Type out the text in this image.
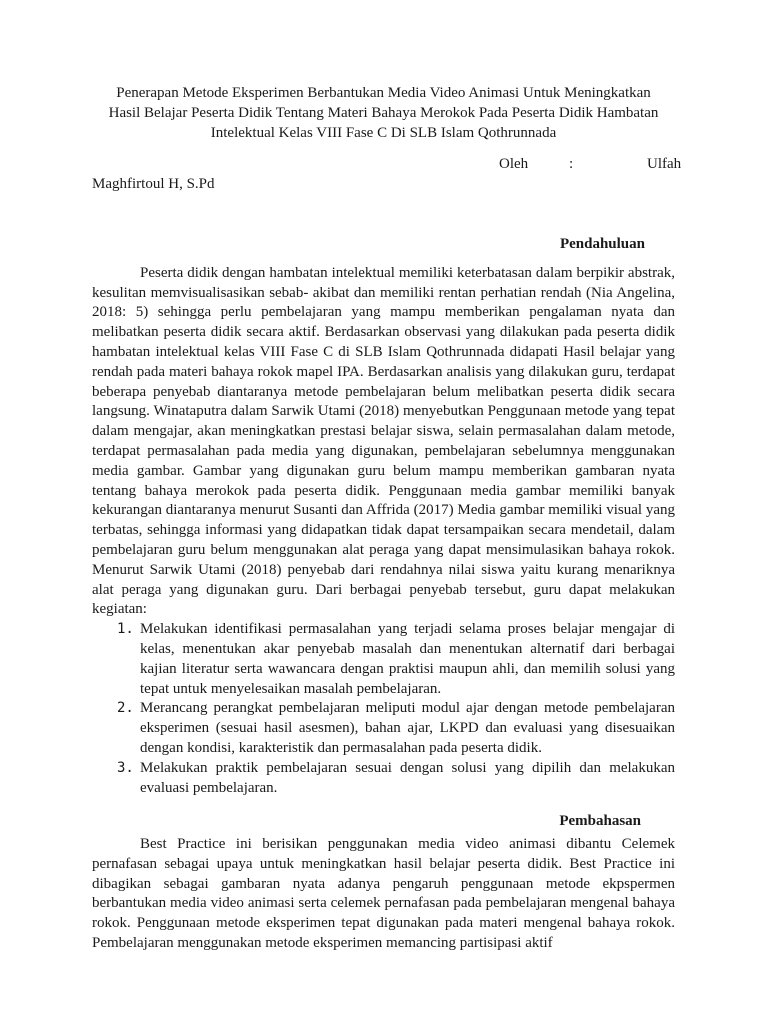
Penerapan Metode Eksperimen Berbantukan Media Video Animasi Untuk Meningkatkan Hasil Belajar Peserta Didik Tentang Materi Bahaya Merokok Pada Peserta Didik Hambatan Intelektual Kelas VIII Fase C Di SLB Islam Qothrunnada
Oleh	:	Ulfah
Maghfirtoul H, S.Pd
Pendahuluan

Peserta didik dengan hambatan intelektual memiliki keterbatasan dalam berpikir abstrak, kesulitan memvisualisasikan sebab- akibat dan memiliki rentan perhatian rendah (Nia Angelina, 2018: 5) sehingga perlu pembelajaran yang mampu memberikan pengalaman nyata dan melibatkan peserta didik secara aktif. Berdasarkan observasi yang dilakukan pada peserta didik hambatan intelektual kelas VIII Fase C di SLB Islam Qothrunnada didapati Hasil belajar yang rendah pada materi bahaya rokok mapel IPA. Berdasarkan analisis yang dilakukan guru, terdapat beberapa penyebab diantaranya metode pembelajaran belum melibatkan peserta didik secara langsung. Winataputra dalam Sarwik Utami (2018) menyebutkan Penggunaan metode yang tepat dalam mengajar, akan meningkatkan prestasi belajar siswa, selain permasalahan dalam metode, terdapat permasalahan pada media yang digunakan, pembelajaran sebelumnya menggunakan media gambar. Gambar yang digunakan guru belum mampu memberikan gambaran nyata tentang bahaya merokok pada peserta didik. Penggunaan media gambar memiliki banyak kekurangan diantaranya menurut Susanti dan Affrida (2017) Media gambar memiliki visual yang terbatas, sehingga informasi yang didapatkan tidak dapat tersampaikan secara mendetail, dalam pembelajaran guru belum menggunakan alat peraga yang dapat mensimulasikan bahaya rokok. Menurut Sarwik Utami (2018) penyebab dari rendahnya nilai siswa yaitu kurang menariknya alat peraga yang digunakan guru. Dari berbagai penyebab tersebut, guru dapat melakukan kegiatan:

1. Melakukan identifikasi permasalahan yang terjadi selama proses belajar mengajar di kelas, menentukan akar penyebab masalah dan menentukan alternatif dari berbagai kajian literatur serta wawancara dengan praktisi maupun ahli, dan memilih solusi yang tepat untuk menyelesaikan masalah pembelajaran.
2. Merancang perangkat pembelajaran meliputi modul ajar dengan metode pembelajaran eksperimen (sesuai hasil asesmen), bahan ajar, LKPD dan evaluasi yang disesuaikan dengan kondisi, karakteristik dan permasalahan pada peserta didik.
3. Melakukan praktik pembelajaran sesuai dengan solusi yang dipilih dan melakukan evaluasi pembelajaran.
Pembahasan

Best Practice ini berisikan penggunakan media video animasi dibantu Celemek pernafasan sebagai upaya untuk meningkatkan hasil belajar peserta didik. Best Practice ini dibagikan sebagai gambaran nyata adanya pengaruh penggunaan metode ekpspermen berbantukan media video animasi serta celemek pernafasan pada pembelajaran mengenal bahaya rokok. Penggunaan metode eksperimen tepat digunakan pada materi mengenal bahaya rokok. Pembelajaran menggunakan metode eksperimen memancing partisipasi aktif
